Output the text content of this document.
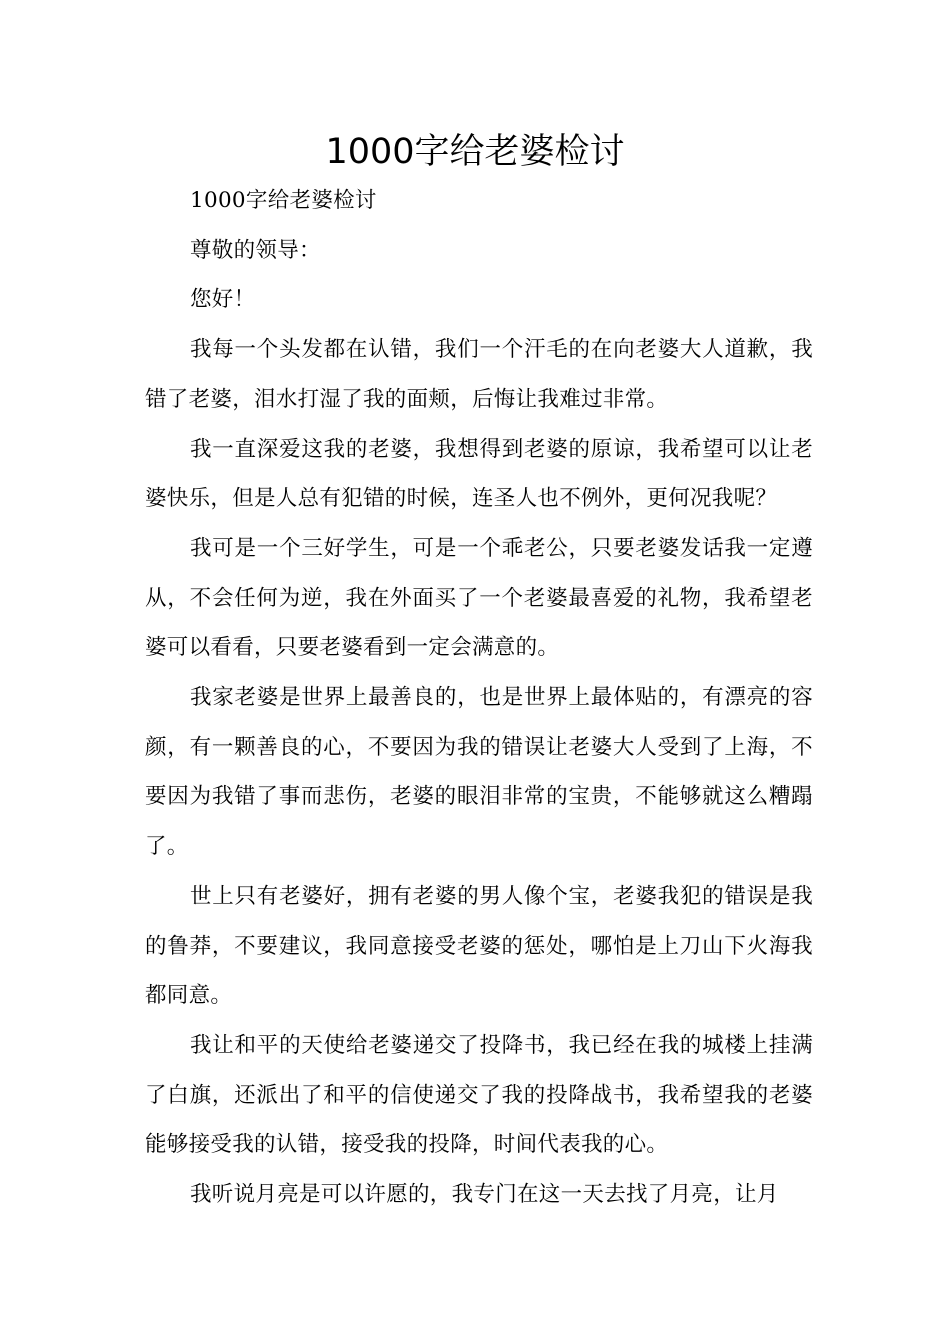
1000字给老婆检讨

1000字给老婆检讨

尊敬的领导：

您好！

我每一个头发都在认错，我们一个汗毛的在向老婆大人道歉，我错了老婆，泪水打湿了我的面颊，后悔让我难过非常。

我一直深爱这我的老婆，我想得到老婆的原谅，我希望可以让老婆快乐，但是人总有犯错的时候，连圣人也不例外，更何况我呢？

我可是一个三好学生，可是一个乖老公，只要老婆发话我一定遵从，不会任何为逆，我在外面买了一个老婆最喜爱的礼物，我希望老婆可以看看，只要老婆看到一定会满意的。

我家老婆是世界上最善良的，也是世界上最体贴的，有漂亮的容颜，有一颗善良的心，不要因为我的错误让老婆大人受到了上海，不要因为我错了事而悲伤，老婆的眼泪非常的宝贵，不能够就这么糟蹋了。

世上只有老婆好，拥有老婆的男人像个宝，老婆我犯的错误是我的鲁莽，不要建议，我同意接受老婆的惩处，哪怕是上刀山下火海我都同意。

我让和平的天使给老婆递交了投降书，我已经在我的城楼上挂满了白旗，还派出了和平的信使递交了我的投降战书，我希望我的老婆能够接受我的认错，接受我的投降，时间代表我的心。

我听说月亮是可以许愿的，我专门在这一天去找了月亮，让月
